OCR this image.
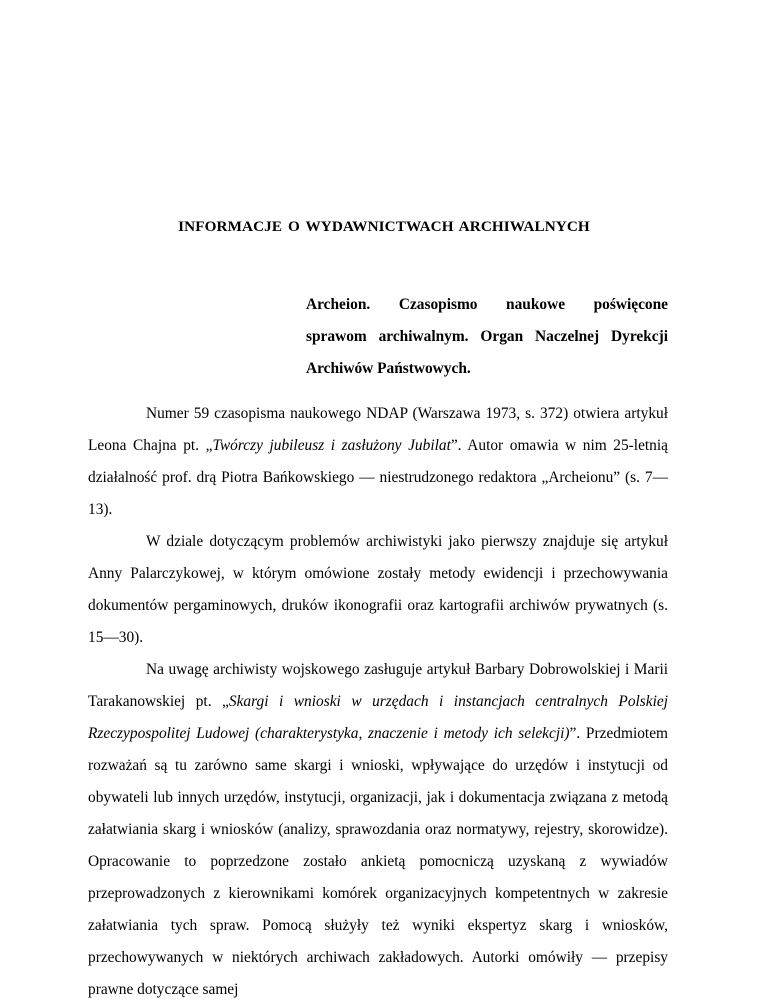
INFORMACJE O WYDAWNICTWACH ARCHIWALNYCH
Archeion. Czasopismo naukowe poświęcone
sprawom archiwalnym. Organ Naczelnej Dyrekcji Archiwów Państwowych.

Numer 59 czasopisma naukowego NDAP (Warszawa 1973, s. 372) otwiera artykuł Leona Chajna pt. „Twórczy jubileusz i zasłużony Jubilat”. Autor omawia w nim 25-letnią działalność prof. drą Piotra Bańkowskiego — niestrudzonego redaktora „Archeionu” (s. 7—13).

W dziale dotyczącym problemów archiwistyki jako pierwszy znajduje się artykuł Anny Palarczykowej, w którym omówione zostały metody ewidencji i przechowywania dokumentów pergaminowych, druków ikonografii oraz kartografii archiwów prywatnych (s. 15—30).

Na uwagę archiwisty wojskowego zasługuje artykuł Barbary Dobrowolskiej i Marii Tarakanowskiej pt. „Skargi i wnioski w urzędach i instancjach centralnych Polskiej Rzeczypospolitej Ludowej (charakterystyka, znaczenie i metody ich selekcji)”. Przedmiotem rozważań są tu zarówno same skargi i wnioski, wpływające do urzędów i instytucji od obywateli lub innych urzędów, instytucji, organizacji, jak i dokumentacja związana z metodą załatwiania skarg i wniosków (analizy, sprawozdania oraz normatywy, rejestry, skorowidze). Opracowanie to poprzedzone zostało ankietą pomocniczą uzyskaną z wywiadów przeprowadzonych z kierownikami komórek organizacyjnych kompetentnych w zakresie załatwiania tych spraw. Pomocą służyły też wyniki ekspertyz skarg i wniosków, przechowywanych w niektórych archiwach zakładowych. Autorki omówiły — przepisy prawne dotyczące samej
